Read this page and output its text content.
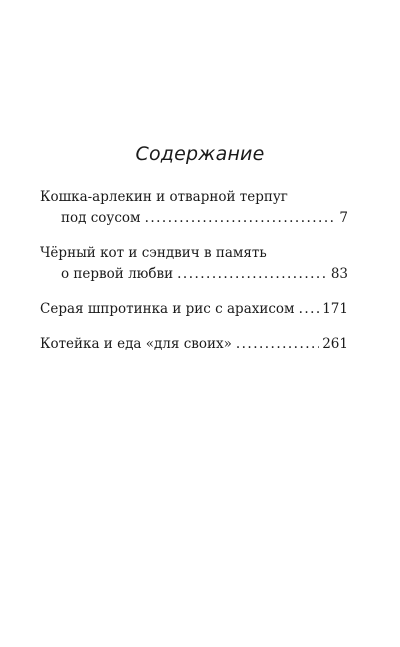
Содержание
Кошка-арлекин и отварной терпуг
под соусом . . .	7
Чёрный кот и сэндвич в память
о первой любви . . .	83
Серая шпротинка и рис с арахисом . . . 171
Котейка и еда «для своих» . . .	261
